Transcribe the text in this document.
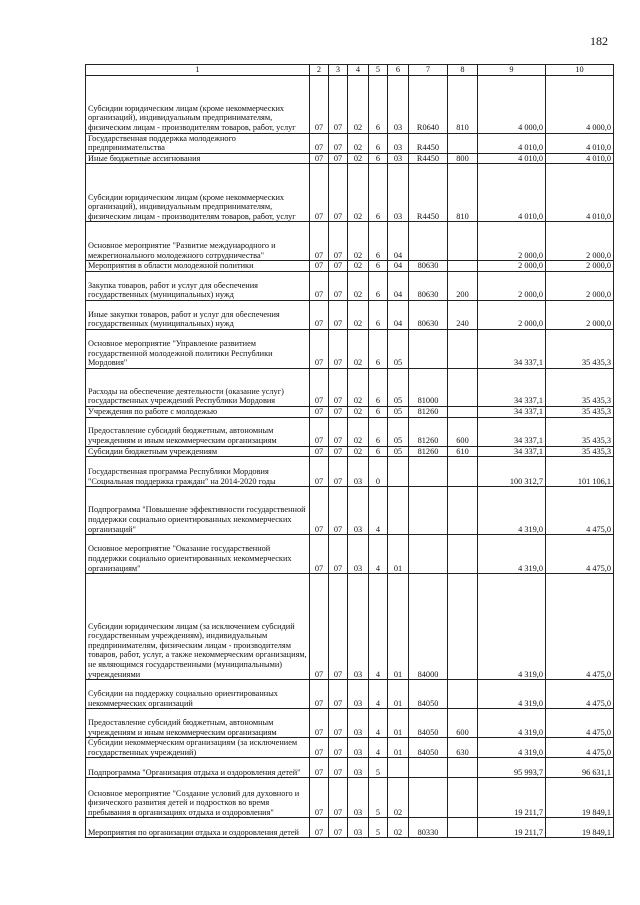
182
1	2	3	4	5	6	7	8	9	10
Субсидии юридическим лицам (кроме некоммерческих организаций), индивидуальным предпринимателям, физическим лицам - производителям товаров, работ, услуг	07	07	02	6	03	R0640	810	4 000,0	4 000,0
Государственная поддержка молодежного предпринимательства	07	07	02	6	03	R4450		4 010,0	4 010,0
Иные бюджетные ассигнования	07	07	02	6	03	R4450	800	4 010,0	4 010,0
Субсидии юридическим лицам (кроме некоммерческих организаций), индивидуальным предпринимателям, физическим лицам - производителям товаров, работ, услуг	07	07	02	6	03	R4450	810	4 010,0	4 010,0
Основное мероприятие "Развитие международного и межрегионального молодежного сотрудничества"	07	07	02	6	04			2 000,0	2 000,0
Мероприятия в области молодежной политики	07	07	02	6	04	80630		2 000,0	2 000,0
Закупка товаров, работ и услуг для обеспечения государственных (муниципальных) нужд	07	07	02	6	04	80630	200	2 000,0	2 000,0
Иные закупки товаров, работ и услуг для обеспечения государственных (муниципальных) нужд	07	07	02	6	04	80630	240	2 000,0	2 000,0
Основное мероприятие "Управление развитием государственной молодежной политики Республики Мордовия"	07	07	02	6	05			34 337,1	35 435,3
Расходы на обеспечение деятельности (оказание услуг) государственных учреждений Республики Мордовия	07	07	02	6	05	81000		34 337,1	35 435,3
Учреждения по работе с молодежью	07	07	02	6	05	81260		34 337,1	35 435,3
Предоставление субсидий бюджетным, автономным учреждениям и иным некоммерческим организациям	07	07	02	6	05	81260	600	34 337,1	35 435,3
Субсидии бюджетным учреждениям	07	07	02	6	05	81260	610	34 337,1	35 435,3
Государственная программа Республики Мордовия "Социальная поддержка граждан" на 2014-2020 годы	07	07	03	0				100 312,7	101 106,1
Подпрограмма "Повышение эффективности государственной поддержки социально ориентированных некоммерческих организаций"	07	07	03	4				4 319,0	4 475,0
Основное мероприятие "Оказание государственной поддержки социально ориентированных некоммерческих организациям"	07	07	03	4	01			4 319,0	4 475,0
Субсидии юридическим лицам (за исключением субсидий государственным учреждениям), индивидуальным предпринимателям, физическим лицам - производителям товаров, работ, услуг, а также некоммерческим организациям, не являющимся государственными (муниципальными) учреждениями	07	07	03	4	01	84000		4 319,0	4 475,0
Субсидии на поддержку социально ориентированных некоммерческих организаций	07	07	03	4	01	84050		4 319,0	4 475,0
Предоставление субсидий бюджетным, автономным учреждениям и иным некоммерческим организациям	07	07	03	4	01	84050	600	4 319,0	4 475,0
Субсидии некоммерческим организациям (за исключением государственных учреждений)	07	07	03	4	01	84050	630	4 319,0	4 475,0
Подпрограмма "Организация отдыха и оздоровления детей"	07	07	03	5				95 993,7	96 631,1
Основное мероприятие "Создание условий для духовного и физического развития детей и подростков во время пребывания в организациях отдыха и оздоровления"	07	07	03	5	02			19 211,7	19 849,1
Мероприятия по организации отдыха и оздоровления детей	07	07	03	5	02	80330		19 211,7	19 849,1
